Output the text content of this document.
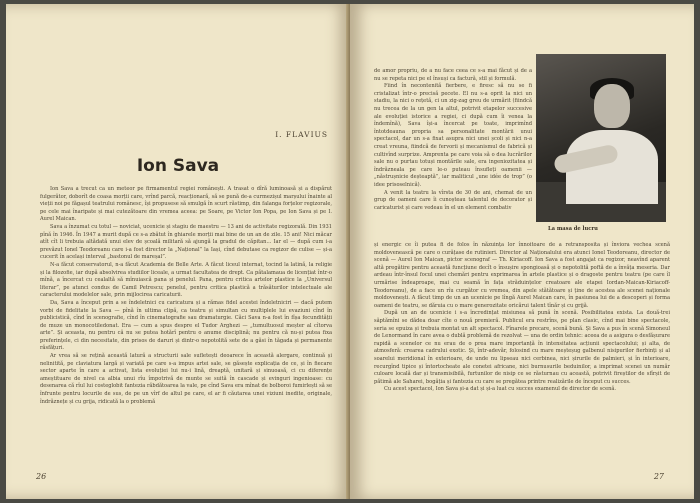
I. FLAVIUS
Ion Sava

Ion Sava a trecut ca un meteor pe firmamentul regiei românești. A trasat o dîră luminoasă și a dispărut fulgerător, doborît de coasa morții care, vrînd parcă, reacționară, să se pună de-a curmezișul marșului înainte al vieții noi pe făgașul teatrului românesc, își propusese să smulgă în scurt răstimp, din falanga forțelor regizorale, pe cele mai înaripate și mai cutezătoare din vremea aceea: pe Soare, pe Victor Ion Popa, pe Ion Sava și pe I. Aurel Maican.

Sava a înzumat cu totul — noviciat, ucenicie și stagiu de maestru — 13 ani de activitate regizorală. Din 1931 pînă în 1946. În 1947 a murit după ce s-a zbătut în ghiarele morții mai bine de un an de zile. 15 ani! Nici măcar atît cît li trebuia altădată unui elev de școală militară să ajungă la gradul de căpitan... Iar el — după cum i-a prevăzut Ionel Teodoreanu care i-a fost director la „Național” la Iași, cînd debutase ca regizor de culise — și-a cucerit în același interval „bastonul de mareșal”.

N-a făcut conservatorul, n-a făcut Academia de Belle Arte. A făcut liceul internat, tocind la latină, la religie și la filozofie, iar după absolvirea studiilor liceale, a urmat facultatea de drept. Ca pătalamaua de licențiat într-o mînă, a încercat cu cealaltă să mînuiască pana și penelul. Pana, pentru critica artelor plastice la „Universul literar”, pe atunci condus de Camil Petrescu; penelul, pentru critica plastică a trăsăturilor intelectuale ale caracterului modelelor sale, prin mijlocirea caricaturii.

Da, Sava a început prin a se îndeletnici cu caricatura și a rămas fidel acestei îndeletniciri — dacă putem vorbi de fidelitate la Sava — pînă în ultima clipă, ca teatru și simultan cu multiplele lui evaziuni cînd în publicistică, cînd în scenografie, cînd în cinematografie sau dramaturgie. Căci Sava n-a fost în fîșa fecundității de muze un monocotiledonat. Era — cum a spus despre el Tudor Arghezi — „tumultuosul meșter al cîtorva arte”. Și aceasta, nu pentru că nu se putea hotărî pentru o anume disciplină; nu pentru că nu-și putea fixa preferințele, ci din necesitate, din prisos de daruri și dintr-o nepotolită sete de a găsi în tăgada și permanente răsfățuri.

Ar vrea să se rețină această latură a structurii sale sufletești deoarece în această alergare, continuă și nelinitită, pe claviatura largă și variată pe care s-a impus artei sale, se găsește explicația de ce, și în fiecare sector aparte în care a activat, lista evoluției lui nu-i lină, dreaptă, unitară și sinuoasă, ci cu diferențe ameștituare de nivel ca albia unui rîu împotrivă de munte se suită în cascade și evinguri ingenioase: cu desenarea că rîul lui costeglobit fantezia răbdătoarea la vale, pe cînd Sava era mînat de bolboroi fumirlești să se înfrunte pentru locurile de sus, de pe un vîrf de altul pe care, el ar fi căutarea unei viziuni inedite, originale, îndrăznețe și cu grija, ridicată la o problemă

26

de amor propriu, de a nu face ceea ce s-a mai făcut și de a nu se repeta nici pe el însuși ca factură, stil și formulă.

Fiind în necontenită fierbere, e firesc să nu se fi cristalizat într-o precisă pecete. El nu s-a oprit la nici un stadiu, la nici o rețetă, ci un zig-zag greu de urmărit (fiindcă nu trecea de la un gen la altul, potrivit etapelor succesive ale evoluției istorice a regiei, ci după cum îi venea la îndemînă), Sava își-a încercat pe toate, imprimînd întotdeauna propria sa personalitate montării unui spectacol, dar un s-a fixat asupra nici unei școli și nici n-a creat vreuna, fiindcă de fervorii și mecanismul de fabrică și cultivînd surprize. Amprenta pe care voia să o dea lucrărilor sale nu o purtau totuși montările sale, era ingeniozitatea și îndrăzneala pe care le-o puteau însufleți oamenii — „năstrușnicie deșteaptă”, iar maliticul „une idée de trop” (o idee prisoselnică).

A venit la teatru la vîrsta de 30 de ani, chemat de un grup de oameni care îi cunoșteau talentul de decorator și caricaturist și care vedeau în el un element combativ

La masa de lucru

și energic ce îi putea fi de folos în năzuința lor înnoitoare de a retransposita și înviora vechea scenă moldovenească pe care o curățase de rutinieri. Director al Naționalului era atunci Ionel Teodoreanu, director de scenă — Aurel Ion Maican, pictor scenograf — Th. Kiriacoff. Ion Sava a fost angajat ca regizor, neavînd aparent altă pregătire pentru această funcțiune decît o însușire spongioasă și o nepotolită poftă de a învăța meseria. Dar ardeau într-însul focul unei chemări pentru exprimarea în artele plastice și o dragoste pentru teatru (pe care îl urmărise îndeaproape, mai cu seamă în fața străduințelor creatoare ale etapei Iordan-Maican-Kiriacoff-Teodoreanu), de a face un rîu curgător cu vremea, din apele stătătoare și ține de acestea ale scenei naționale moldovenești. A făcut timp de un an ucenicie pe lîngă Aurel Maican care, în pasiunea lui de a descoperi și forma oameni de teatru, se dăruia cu o mare generozitate oricărui talent tînăr și cu grijă.

După un an de ucenicie i s-a încredințat misiunea să pună în scenă. Posibilitatea exista. La două-trei săptămîni se dădea doar cîte o nouă premieră. Publicul era restrîns, pe plan clasic, cînd mai bine spectacole, seria se epuiza și trebuia montat un alt spectacol. Fînarele precare, scenă bună. Și Sava a pus în scenă Simoneul de Lenormand în care avea o dublă problemă de rezolvat — una de ordin tehnic: aceea de a asigura o desfășurare rapidă a scenelor ce nu erau de o prea mare importanță în intensitatea acțiunii spectacolului; și alta, de atmosferă: crearea cadrului exotic. Și, într-adevăr, folosind cu mare meșteșug galbenul nisipurilor fierbinți și al soarelui meridional în exterioare, de unde nu lipseau nici cerbinea, nici șirurile de palmieri, și în interioare, recurgînd tipice și întortocheate ale conetei africane, nici burnusurile beduinilor, a imprimat scenei un număr culoare locală dar și transmisibilă, furtunilor de nisip ce se răsturnau cu această, potrivit fireștilor de sfîrșit de pătimă ale Saharei, bogăția și fantezia cu care se pregătea printre realizările de început cu succes.

Cu acest spectacol, Ion Sava și-a dat și și-a luat cu succes examenul de director de scenă.

27
